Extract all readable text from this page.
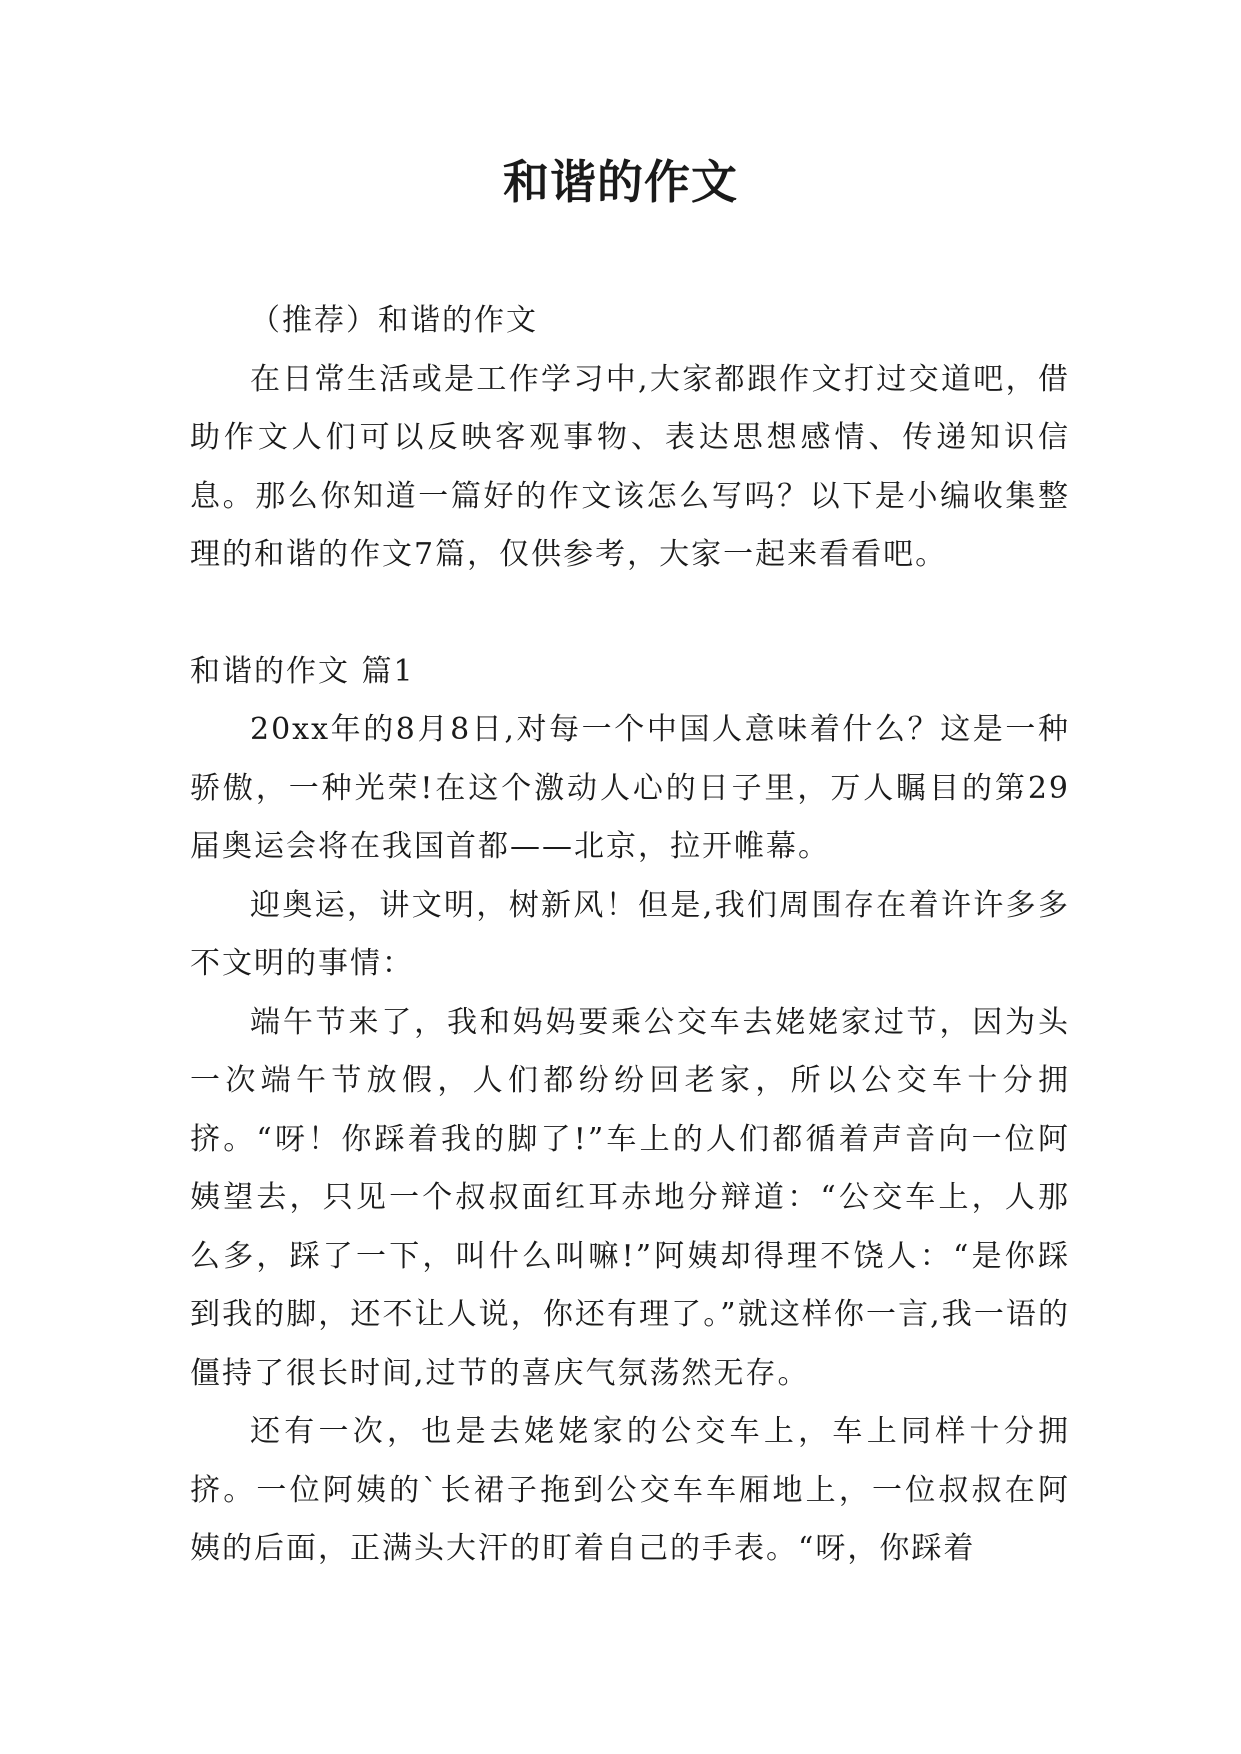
和谐的作文

（推荐）和谐的作文

在日常生活或是工作学习中,大家都跟作文打过交道吧，借助作文人们可以反映客观事物、表达思想感情、传递知识信息。那么你知道一篇好的作文该怎么写吗？以下是小编收集整理的和谐的作文7篇，仅供参考，大家一起来看看吧。

和谐的作文 篇1

20xx年的8月8日,对每一个中国人意味着什么？这是一种骄傲，一种光荣!在这个激动人心的日子里，万人瞩目的第29届奥运会将在我国首都——北京，拉开帷幕。

迎奥运，讲文明，树新风！但是,我们周围存在着许许多多不文明的事情：

端午节来了，我和妈妈要乘公交车去姥姥家过节，因为头一次端午节放假，人们都纷纷回老家，所以公交车十分拥挤。“呀！你踩着我的脚了!”车上的人们都循着声音向一位阿姨望去，只见一个叔叔面红耳赤地分辩道：“公交车上，人那么多，踩了一下，叫什么叫嘛!”阿姨却得理不饶人：“是你踩到我的脚，还不让人说，你还有理了。”就这样你一言,我一语的僵持了很长时间,过节的喜庆气氛荡然无存。

还有一次，也是去姥姥家的公交车上，车上同样十分拥挤。一位阿姨的`长裙子拖到公交车车厢地上，一位叔叔在阿姨的后面，正满头大汗的盯着自己的手表。“呀，你踩着
